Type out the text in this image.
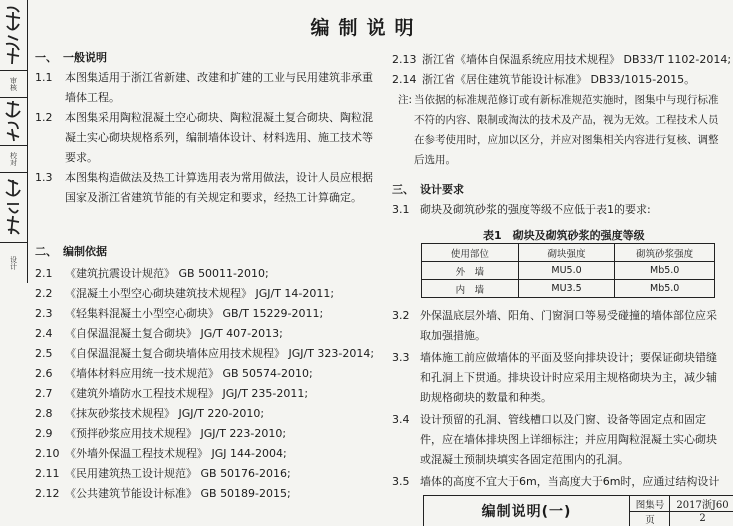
审核
校对
设计
编制说明
一、 一般说明
1.1 本图集适用于浙江省新建、改建和扩建的工业与民用建筑非承重墙体工程。
1.2 本图集采用陶粒混凝土空心砌块、陶粒混凝土复合砌块、陶粒混凝土实心砌块规格系列，编制墙体设计、材料选用、施工技术等要求。
1.3 本图集构造做法及热工计算选用表为常用做法，设计人员应根据国家及浙江省建筑节能的有关规定和要求，经热工计算确定。
二、 编制依据
2.1 《建筑抗震设计规范》 GB 50011-2010;
2.2 《混凝土小型空心砌块建筑技术规程》 JGJ/T 14-2011;
2.3 《轻集料混凝土小型空心砌块》 GB/T 15229-2011;
2.4 《自保温混凝土复合砌块》 JG/T 407-2013;
2.5 《自保温混凝土复合砌块墙体应用技术规程》 JGJ/T 323-2014;
2.6 《墙体材料应用统一技术规范》 GB 50574-2010;
2.7 《建筑外墙防水工程技术规程》 JGJ/T 235-2011;
2.8 《抹灰砂浆技术规程》 JGJ/T 220-2010;
2.9 《预拌砂浆应用技术规程》 JGJ/T 223-2010;
2.10 《外墙外保温工程技术规程》 JGJ 144-2004;
2.11 《民用建筑热工设计规范》 GB 50176-2016;
2.12 《公共建筑节能设计标准》 GB 50189-2015;
2.13 浙江省《墙体自保温系统应用技术规程》 DB33/T 1102-2014;
2.14 浙江省《居住建筑节能设计标准》 DB33/1015-2015。
注: 当依据的标准规范修订或有新标准规范实施时，图集中与现行标准不符的内容、限制或淘汰的技术及产品，视为无效。工程技术人员在参考使用时，应加以区分，并应对图集相关内容进行复核、调整后选用。
三、 设计要求
3.1 砌块及砌筑砂浆的强度等级不应低于表1的要求:
表1　砌块及砌筑砂浆的强度等级
使用部位	砌块强度	砌筑砂浆强度
外　墙	MU5.0	Mb5.0
内　墙	MU3.5	Mb5.0
3.2 外保温底层外墙、阳角、门窗洞口等易受碰撞的墙体部位应采取加强措施。
3.3 墙体施工前应做墙体的平面及竖向排块设计；要保证砌块错缝和孔洞上下贯通。排块设计时应采用主规格砌块为主，减少辅助规格砌块的数量和种类。
3.4 设计预留的孔洞、管线槽口以及门窗、设备等固定点和固定件，应在墙体排块图上详细标注；并应用陶粒混凝土实心砌块或混凝土预制块填实各固定范围内的孔洞。
3.5 墙体的高度不宜大于6m，当高度大于6m时，应通过结构设计
编制说明(一)	图集号	2017浙J60
页	2
